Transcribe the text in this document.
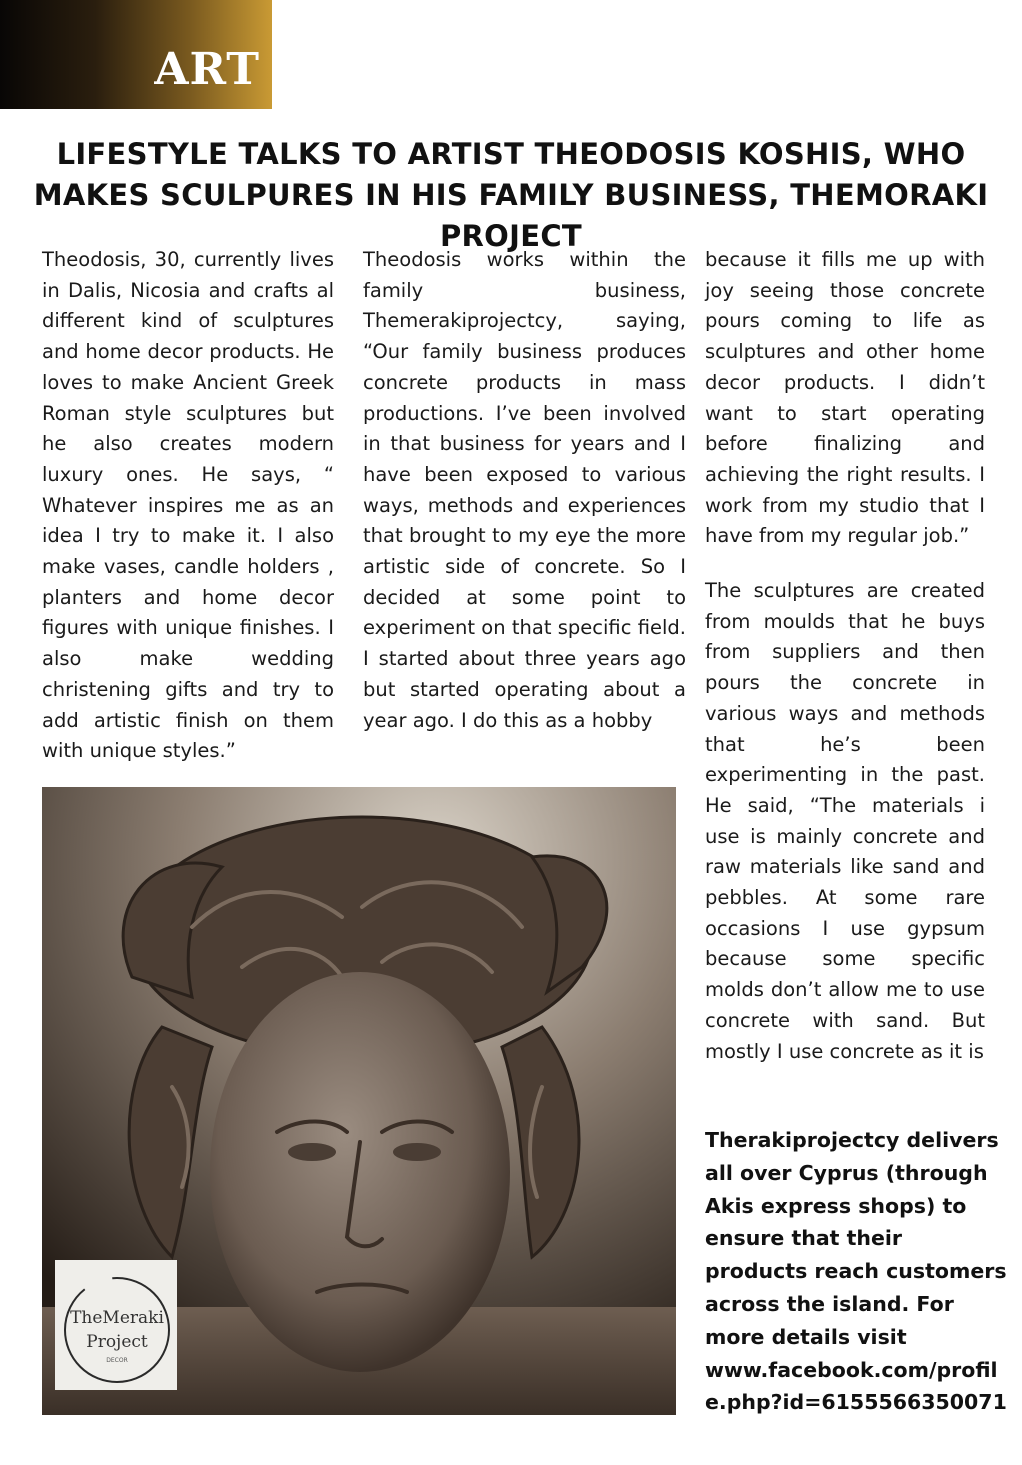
ART
LIFESTYLE TALKS TO ARTIST THEODOSIS KOSHIS, WHO MAKES SCULPURES IN HIS FAMILY BUSINESS, THEMORAKI PROJECT

Theodosis, 30, currently lives in Dalis, Nicosia and crafts al different kind of sculptures and home decor products. He loves to make Ancient Greek Roman style sculptures but he also creates modern luxury ones. He says, “ Whatever inspires me as an idea I try to make it. I also make vases, candle holders , planters and home decor figures with unique finishes. I also make wedding christening gifts and try to add artistic finish on them with unique styles.”

Theodosis works within the family business, Themerakiprojectcy, saying, “Our family business produces concrete products in mass productions. I’ve been involved in that business for years and I have been exposed to various ways, methods and experiences that brought to my eye the more artistic side of concrete. So I decided at some point to experiment on that specific field. I started about three years ago but started operating about a year ago. I do this as a hobby

because it fills me up with joy seeing those concrete pours coming to life as sculptures and other home decor products. I didn’t want to start operating before finalizing and achieving the right results. I work from my studio that I have from my regular job.”

The sculptures are created from moulds that he buys from suppliers and then pours the concrete in various ways and methods that he’s been experimenting in the past. He said, “The materials i use is mainly concrete and raw materials like sand and pebbles. At some rare occasions I use gypsum because some specific molds don’t allow me to use concrete with sand. But mostly I use concrete as it is

Therakiprojectcy delivers all over Cyprus (through Akis express shops) to ensure that their products reach customers across the island. For more details visit
www.facebook.com/profile.php?id=6155566350071

TheMeraki
Project
DECOR
